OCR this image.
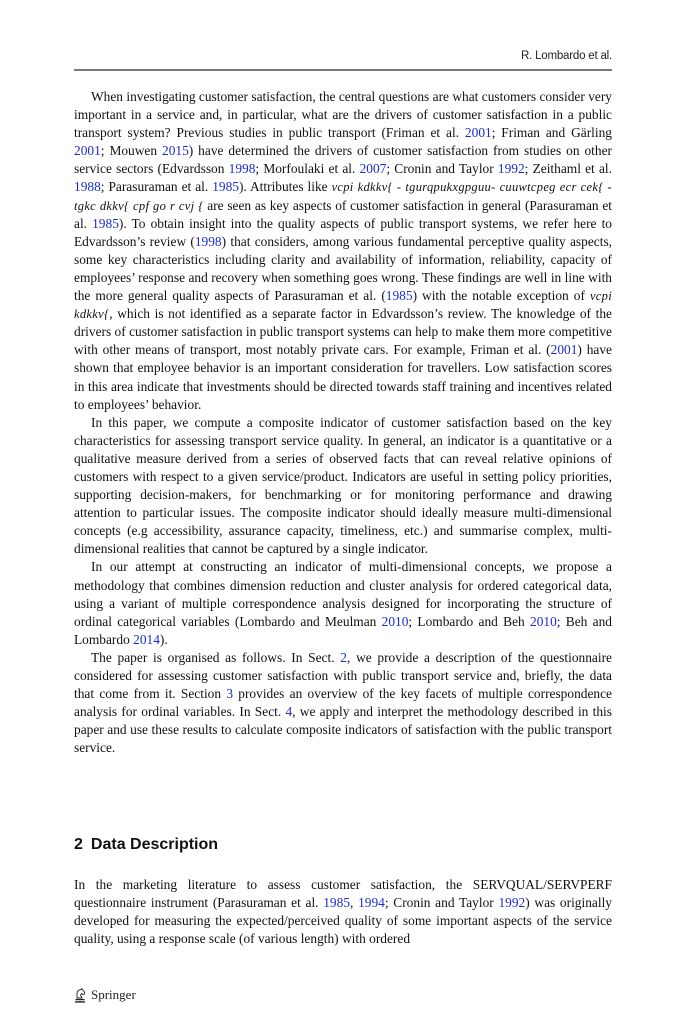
R. Lombardo et al.

When investigating customer satisfaction, the central questions are what customers consider very important in a service and, in particular, what are the drivers of customer satisfaction in a public transport system? Previous studies in public transport (Friman et al. 2001; Friman and Gärling 2001; Mouwen 2015) have determined the drivers of customer satisfaction from studies on other service sectors (Edvardsson 1998; Morfoulaki et al. 2007; Cronin and Taylor 1992; Zeithaml et al. 1988; Parasuraman et al. 1985). Attributes like vcpi kdkkv{ - tgurqpukxgpguu- cuuwtcpeg ecr cek{ - tgkc dkkv{ cpf go r cvj { are seen as key aspects of customer satisfaction in general (Parasuraman et al. 1985). To obtain insight into the quality aspects of public transport systems, we refer here to Edvardsson’s review (1998) that considers, among various fundamental perceptive quality aspects, some key characteristics including clarity and availability of information, reliability, capacity of employees’ response and recovery when something goes wrong. These findings are well in line with the more general quality aspects of Parasuraman et al. (1985) with the notable exception of vcpi kdkkv{, which is not identified as a separate factor in Edvardsson’s review. The knowledge of the drivers of customer satisfaction in public transport systems can help to make them more competitive with other means of transport, most notably private cars. For example, Friman et al. (2001) have shown that employee behavior is an important consideration for travellers. Low satisfaction scores in this area indicate that investments should be directed towards staff training and incentives related to employees’ behavior.

In this paper, we compute a composite indicator of customer satisfaction based on the key characteristics for assessing transport service quality. In general, an indicator is a quantitative or a qualitative measure derived from a series of observed facts that can reveal relative opinions of customers with respect to a given service/product. Indicators are useful in setting policy priorities, supporting decision-makers, for benchmarking or for monitoring performance and drawing attention to particular issues. The composite indicator should ideally measure multi-dimensional concepts (e.g accessibility, assurance capacity, timeliness, etc.) and summarise complex, multi-dimensional realities that cannot be captured by a single indicator.

In our attempt at constructing an indicator of multi-dimensional concepts, we propose a methodology that combines dimension reduction and cluster analysis for ordered categorical data, using a variant of multiple correspondence analysis designed for incorporating the structure of ordinal categorical variables (Lombardo and Meulman 2010; Lombardo and Beh 2010; Beh and Lombardo 2014).

The paper is organised as follows. In Sect. 2, we provide a description of the questionnaire considered for assessing customer satisfaction with public transport service and, briefly, the data that come from it. Section 3 provides an overview of the key facets of multiple correspondence analysis for ordinal variables. In Sect. 4, we apply and interpret the methodology described in this paper and use these results to calculate composite indicators of satisfaction with the public transport service.

2 Data Description

In the marketing literature to assess customer satisfaction, the SERVQUAL/SERVPERF questionnaire instrument (Parasuraman et al. 1985, 1994; Cronin and Taylor 1992) was originally developed for measuring the expected/perceived quality of some important aspects of the service quality, using a response scale (of various length) with ordered

Springer
